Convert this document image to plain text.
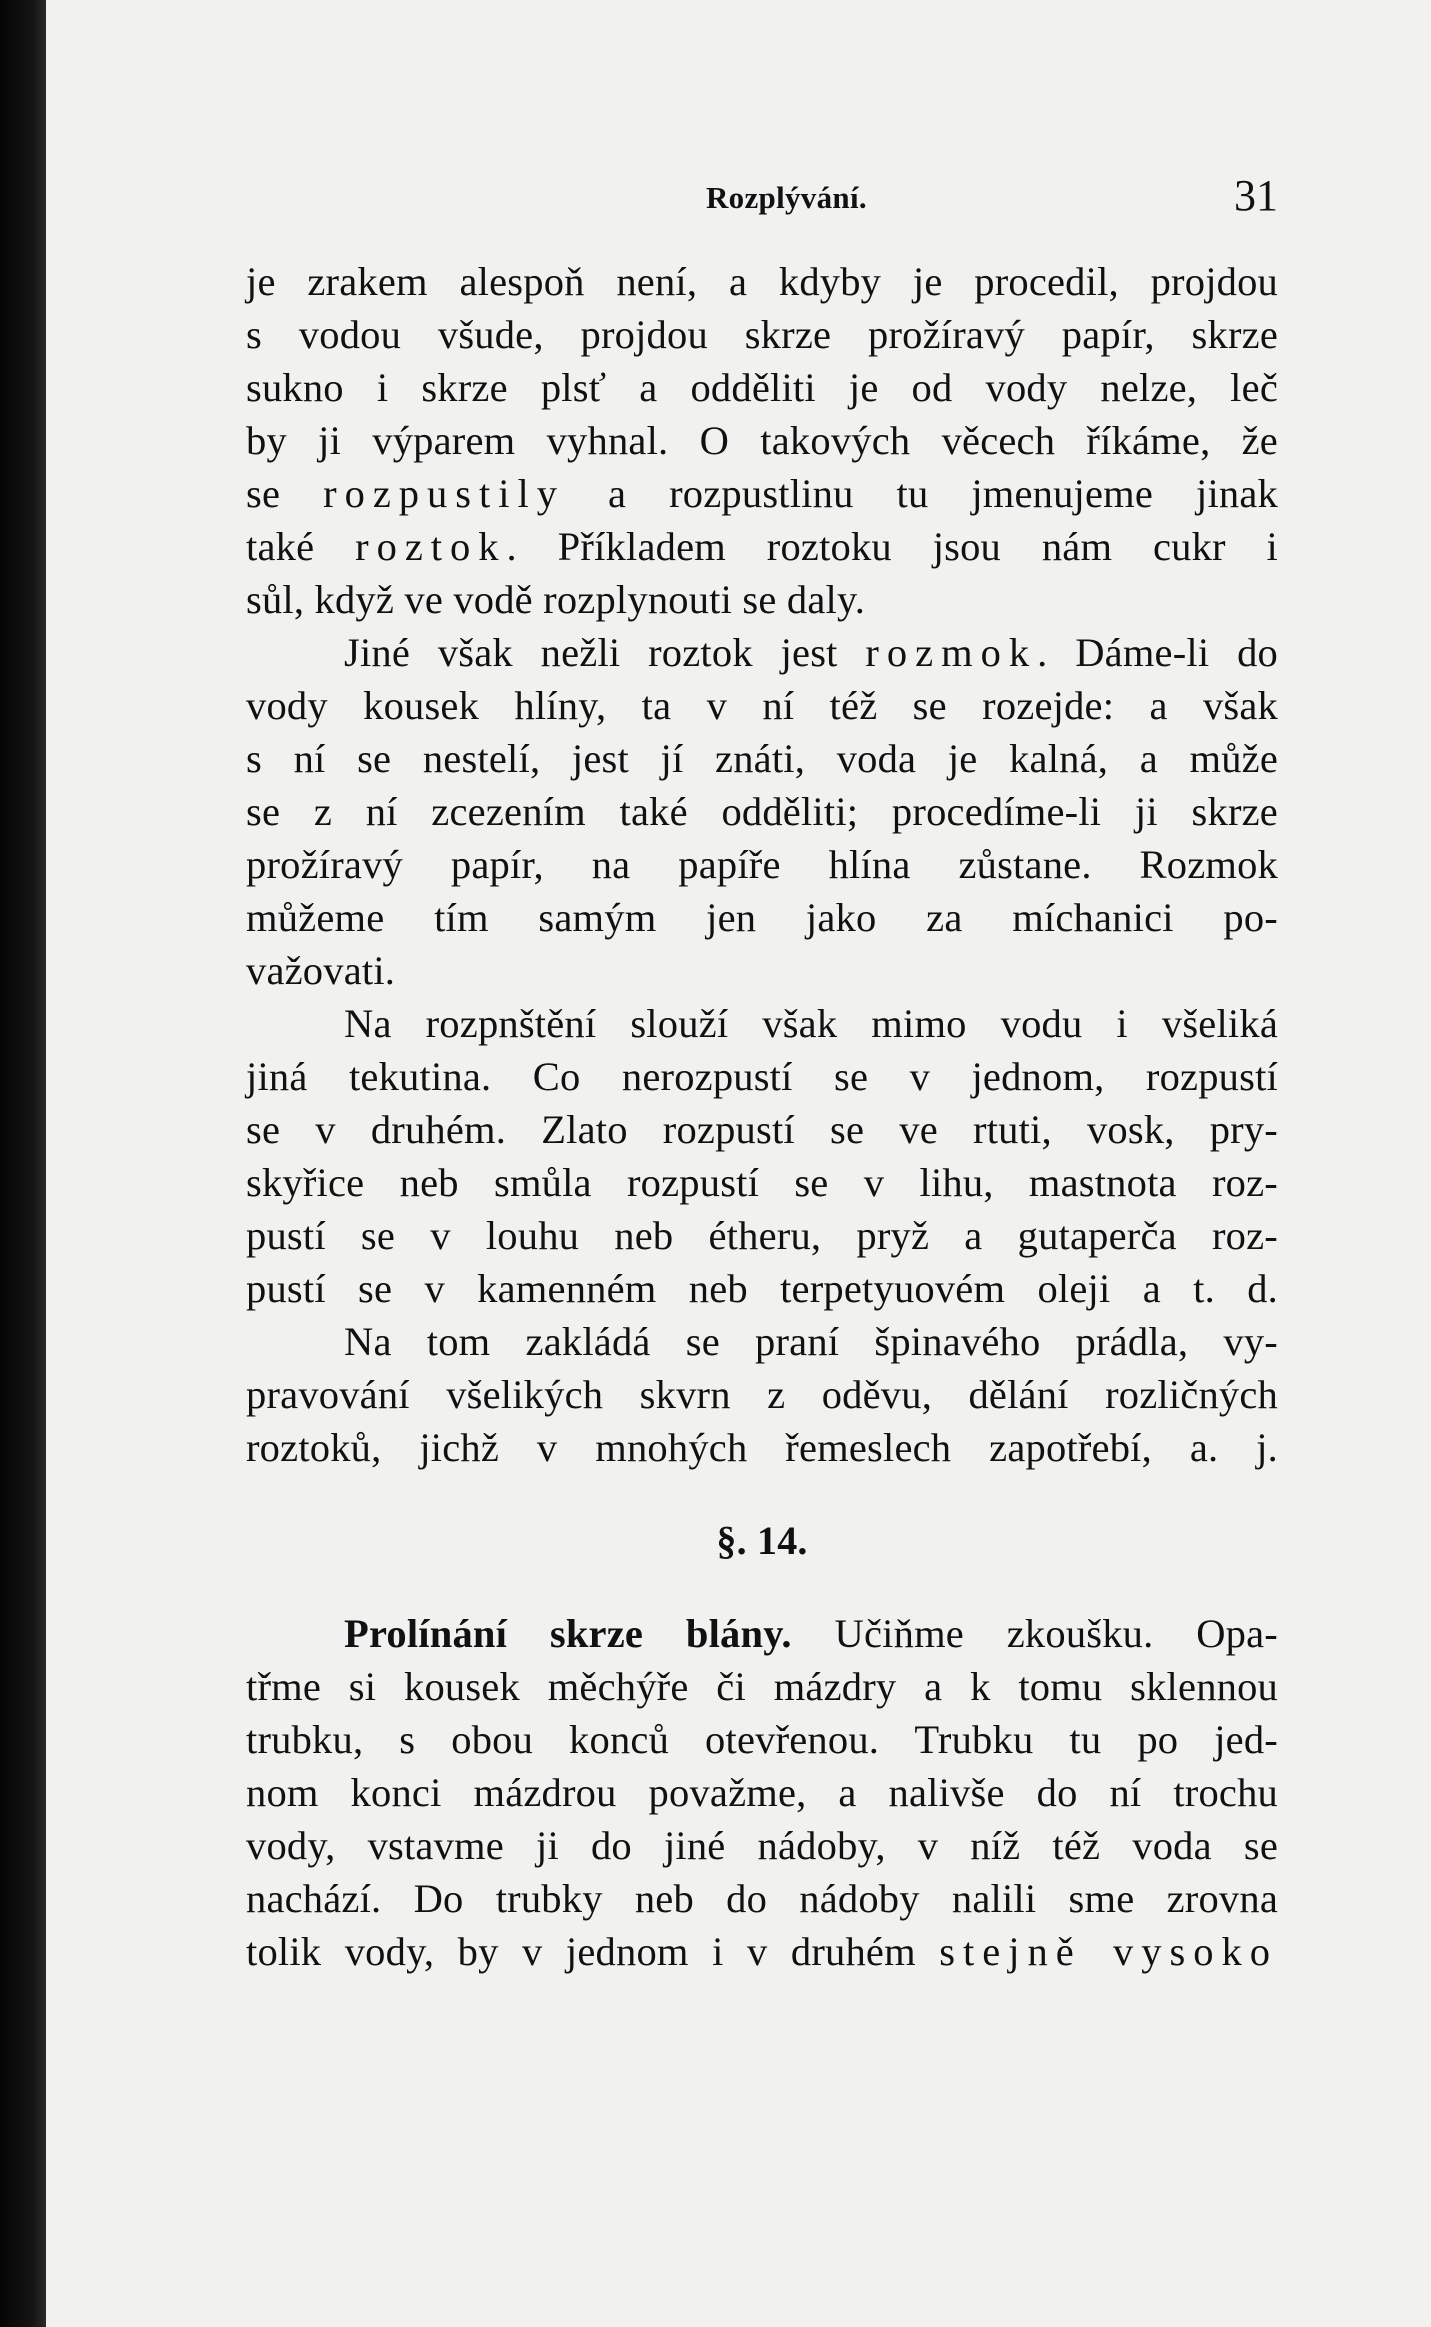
Rozplývání.	31
je zrakem alespoň není, a kdyby je procedil, projdou
s vodou všude, projdou skrze prožíravý papír, skrze
sukno i skrze plsť a odděliti je od vody nelze, leč
by ji výparem vyhnal. O takových věcech říkáme, že
se rozpustily a rozpustlinu tu jmenujeme jinak
také roztok. Příkladem roztoku jsou nám cukr i
sůl, když ve vodě rozplynouti se daly.
Jiné však nežli roztok jest rozmok. Dáme-li do
vody kousek hlíny, ta v ní též se rozejde: a však
s ní se nestelí, jest jí znáti, voda je kalná, a může
se z ní zcezením také odděliti; procedíme-li ji skrze
prožíravý papír, na papíře hlína zůstane. Rozmok
můžeme tím samým jen jako za míchanici po-
važovati.
Na rozpnštění slouží však mimo vodu i všeliká
jiná tekutina. Co nerozpustí se v jednom, rozpustí
se v druhém. Zlato rozpustí se ve rtuti, vosk, pry-
skyřice neb smůla rozpustí se v lihu, mastnota roz-
pustí se v louhu neb étheru, pryž a gutaperča roz-
pustí se v kamenném neb terpetyuovém oleji a t. d.
Na tom zakládá se praní špinavého prádla, vy-
pravování všelikých skvrn z oděvu, dělání rozličných
roztoků, jichž v mnohých řemeslech zapotřebí, a. j.
§. 14.
Prolínání skrze blány. Učiňme zkoušku. Opa-
třme si kousek měchýře či mázdry a k tomu sklennou
trubku, s obou konců otevřenou. Trubku tu po jed-
nom konci mázdrou považme, a nalivše do ní trochu
vody, vstavme ji do jiné nádoby, v níž též voda se
nachází. Do trubky neb do nádoby nalili sme zrovna
tolik vody, by v jednom i v druhém stejně vysoko
